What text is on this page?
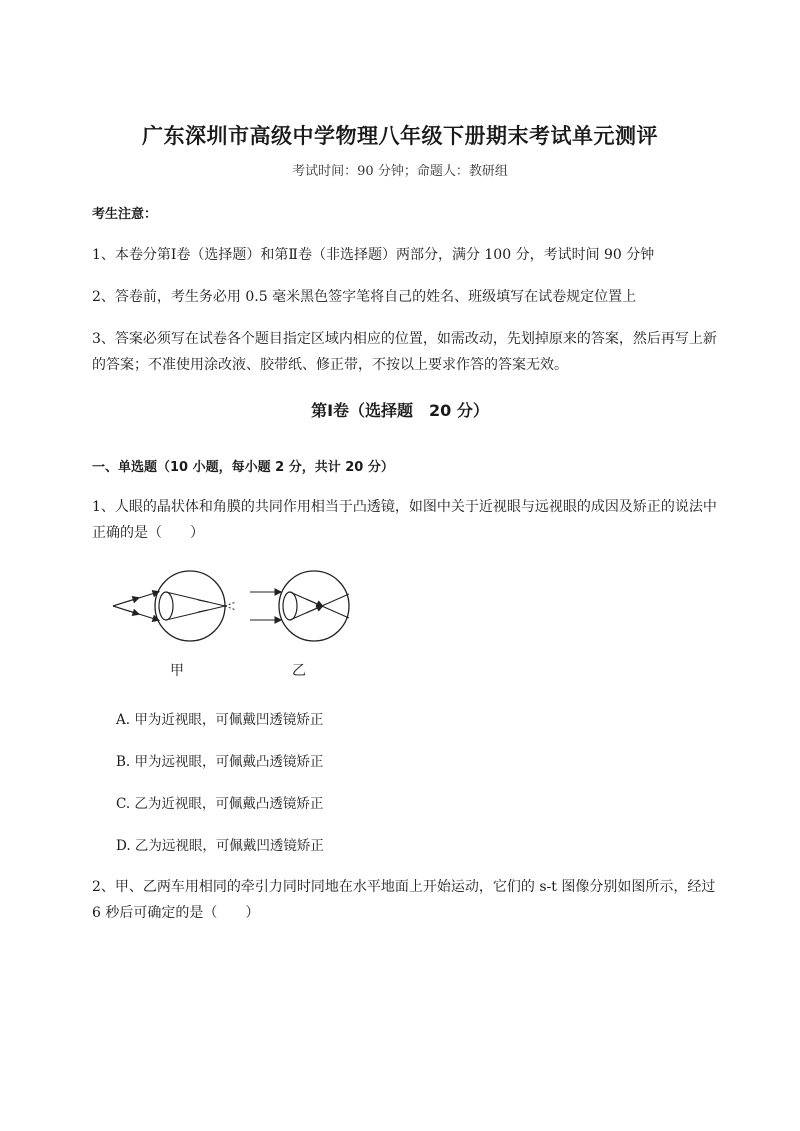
广东深圳市高级中学物理八年级下册期末考试单元测评
考试时间：90 分钟；命题人：教研组
考生注意：
1、本卷分第Ⅰ卷（选择题）和第Ⅱ卷（非选择题）两部分，满分 100 分，考试时间 90 分钟
2、答卷前，考生务必用 0.5 毫米黑色签字笔将自己的姓名、班级填写在试卷规定位置上
3、答案必须写在试卷各个题目指定区域内相应的位置，如需改动，先划掉原来的答案，然后再写上新的答案；不准使用涂改液、胶带纸、修正带，不按以上要求作答的答案无效。
第Ⅰ卷（选择题　20 分）
一、单选题（10 小题，每小题 2 分，共计 20 分）
1、人眼的晶状体和角膜的共同作用相当于凸透镜，如图中关于近视眼与远视眼的成因及矫正的说法中正确的是（　　）
甲	乙
A. 甲为近视眼，可佩戴凹透镜矫正
B. 甲为远视眼，可佩戴凸透镜矫正
C. 乙为近视眼，可佩戴凸透镜矫正
D. 乙为远视眼，可佩戴凹透镜矫正
2、甲、乙两车用相同的牵引力同时同地在水平地面上开始运动，它们的 s-t 图像分别如图所示，经过 6 秒后可确定的是（　　）
